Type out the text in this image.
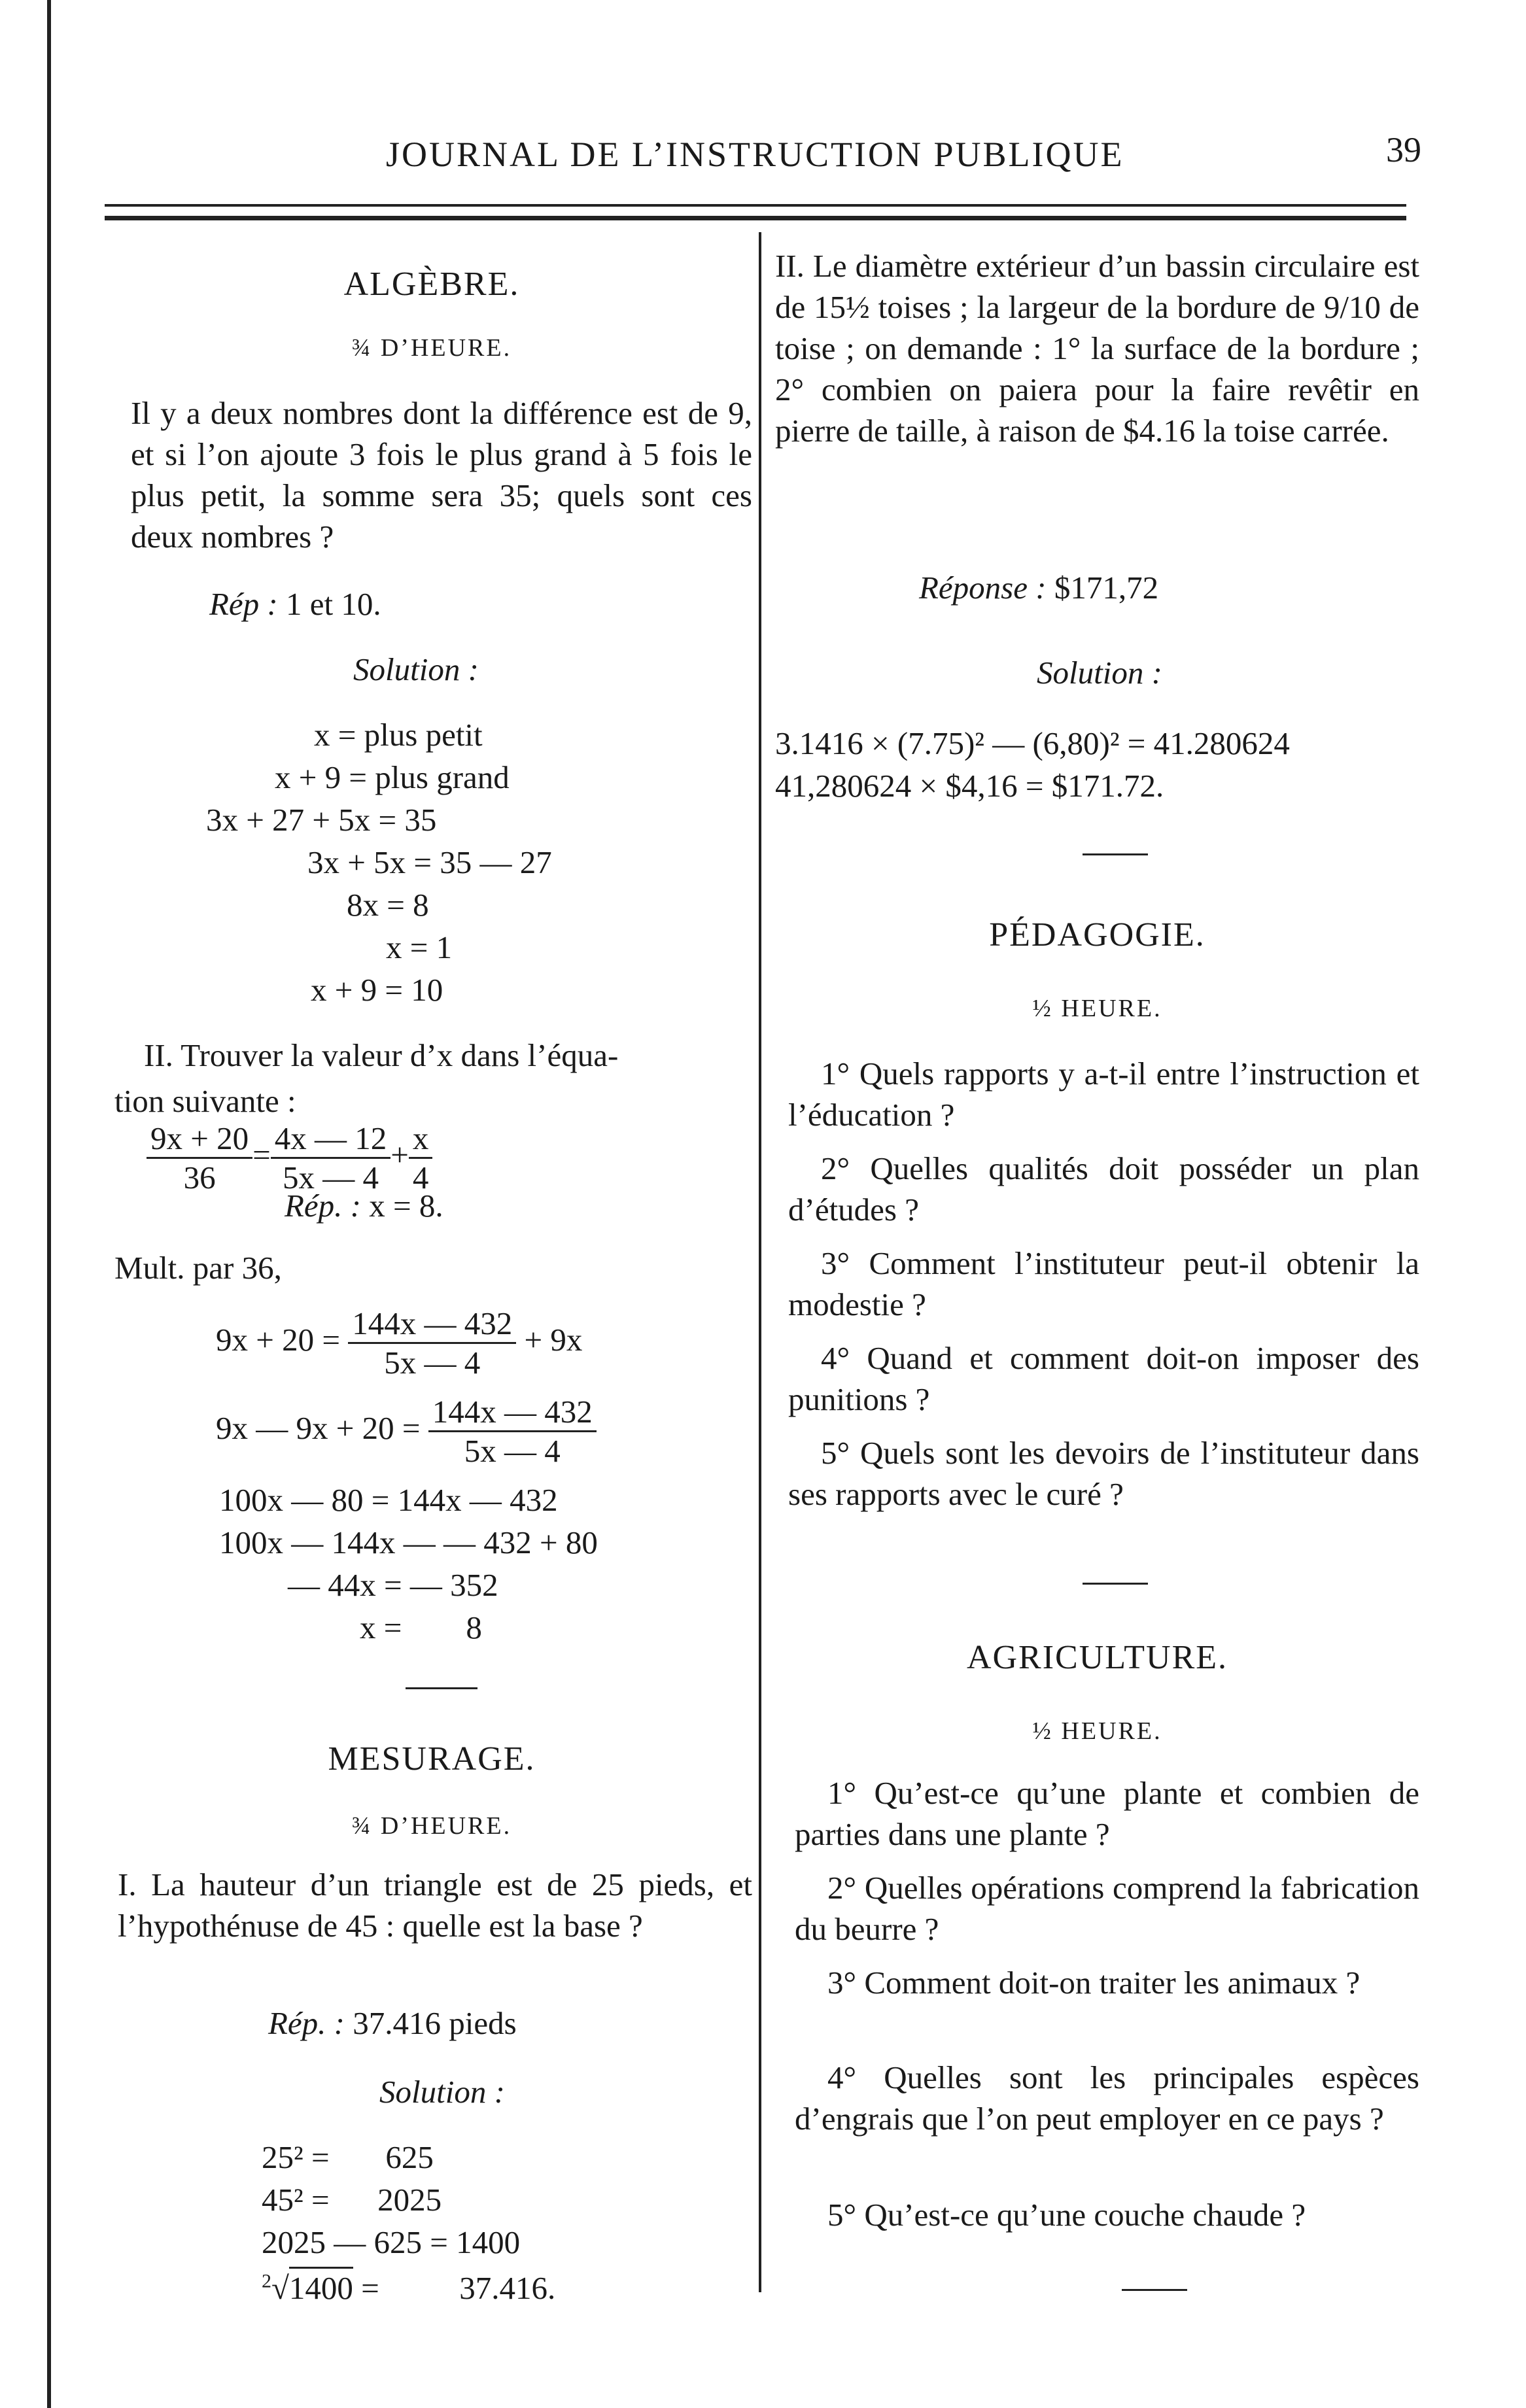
JOURNAL DE L’INSTRUCTION PUBLIQUE	39
ALGÈBRE.
¾ D’HEURE.
Il y a deux nombres dont la différence est de 9, et si l’on ajoute 3 fois le plus grand à 5 fois le plus petit, la somme sera 35; quels sont ces deux nombres ?
Rép : 1 et 10.
Solution :
x = plus petit
x + 9 = plus grand
3x + 27 + 5x = 35
3x + 5x = 35 — 27
8x = 8
x = 1
x + 9 = 10
II. Trouver la valeur d’x dans l’équa-
tion suivante :

$\frac{9x + 20}{36} = \frac{4x — 12}{5x — 4} + \frac{x}{4}$
Rép. : x = 8.
Mult. par 36,
$9x + 20 = \frac{144x — 432}{5x — 4} + 9x$
9x — $9x + 20 = \frac{144x — 432}{5x — 4}$
100x — 80 = 144x — 432
100x — 144x — — 432 + 80
— 44x = — 352
x =        8
MESURAGE.
¾ D’HEURE.
I. La hauteur d’un triangle est de 25 pieds, et l’hypothénuse de 45 : quelle est la base ?
Rép. : 37.416 pieds
Solution :
25² =       625
45² =      2025
2025 — 625 = 1400
$^2$√1400 =          37.416.
II. Le diamètre extérieur d’un bassin circulaire est de 15½ toises ; la largeur de la bordure de 9/10 de toise ; on demande : 1° la surface de la bordure ; 2° combien on paiera pour la faire revêtir en pierre de taille, à raison de $4.16 la toise carrée.
Réponse : $171,72
Solution :
3.1416 × (7.75)² — (6,80)² = 41.280624
41,280624 × $4,16 = $171.72.
PÉDAGOGIE.
½ HEURE.
1° Quels rapports y a-t-il entre l’instruction et l’éducation ?
2° Quelles qualités doit posséder un plan d’études ?
3° Comment l’instituteur peut-il obtenir la modestie ?
4° Quand et comment doit-on imposer des punitions ?
5° Quels sont les devoirs de l’instituteur dans ses rapports avec le curé ?
AGRICULTURE.
½ HEURE.
1° Qu’est-ce qu’une plante et combien de parties dans une plante ?
2° Quelles opérations comprend la fabrication du beurre ?
3° Comment doit-on traiter les animaux ?
4° Quelles sont les principales espèces d’engrais que l’on peut employer en ce pays ?
5° Qu’est-ce qu’une couche chaude ?
